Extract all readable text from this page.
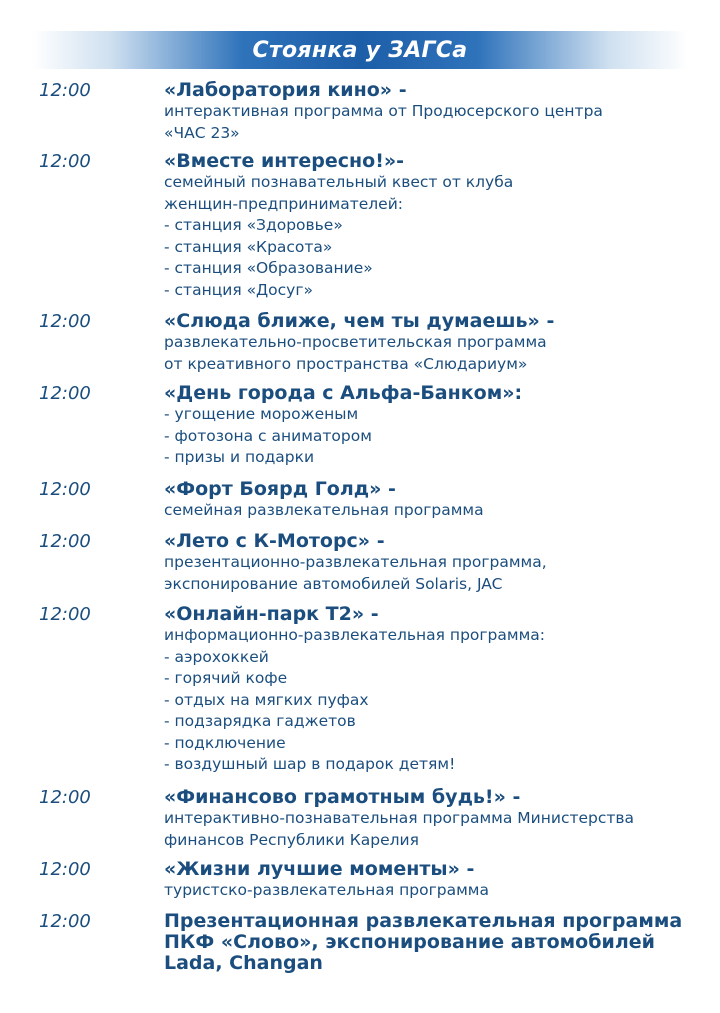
Стоянка у ЗАГСа
12:00	«Лаборатория кино» -
интерактивная программа от Продюсерского центра
«ЧАС 23»
12:00	«Вместе интересно!»-
семейный познавательный квест от клуба
женщин-предпринимателей:
- станция «Здоровье»
- станция «Красота»
- станция «Образование»
- станция «Досуг»
12:00	«Слюда ближе, чем ты думаешь» -
развлекательно-просветительская программа
от креативного пространства «Слюдариум»
12:00	«День города с Альфа-Банком»:
- угощение мороженым
- фотозона с аниматором
- призы и подарки
12:00	«Форт Боярд Голд» -
семейная развлекательная программа
12:00	«Лето с К-Моторс» -
презентационно-развлекательная программа,
экспонирование автомобилей Solaris, JAC
12:00	«Онлайн-парк Т2» -
информационно-развлекательная программа:
- аэрохоккей
- горячий кофе
- отдых на мягких пуфах
- подзарядка гаджетов
- подключение
- воздушный шар в подарок детям!
12:00	«Финансово грамотным будь!» -
интерактивно-познавательная программа Министерства
финансов Республики Карелия
12:00	«Жизни лучшие моменты» -
туристско-развлекательная программа
12:00	Презентационная развлекательная программа
ПКФ «Слово», экспонирование автомобилей
Lada, Changan
